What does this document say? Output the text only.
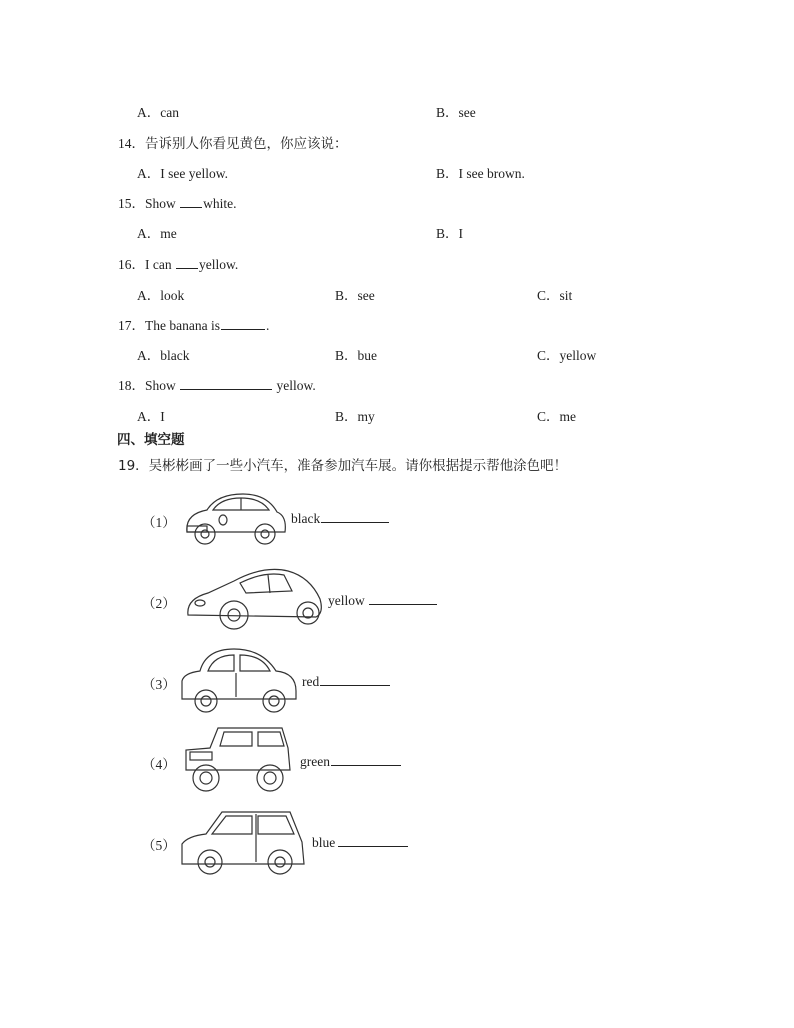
A．can	B．see
14．告诉别人你看见黄色，你应该说：
A．I see yellow.	B．I see brown.
15．Show white.
A．me	B．I
16．I can yellow.
A．look	B．see	C．sit
17．The banana is	.
A．black	B．bue	C．yellow
18．Show	yellow.
A．I	B．my	C．me
四、填空题
19．吴彬彬画了一些小汽车，准备参加汽车展。请你根据提示帮他涂色吧！
（1）	black
（2）	yellow
（3）	red
（4）	green
（5）	blue
